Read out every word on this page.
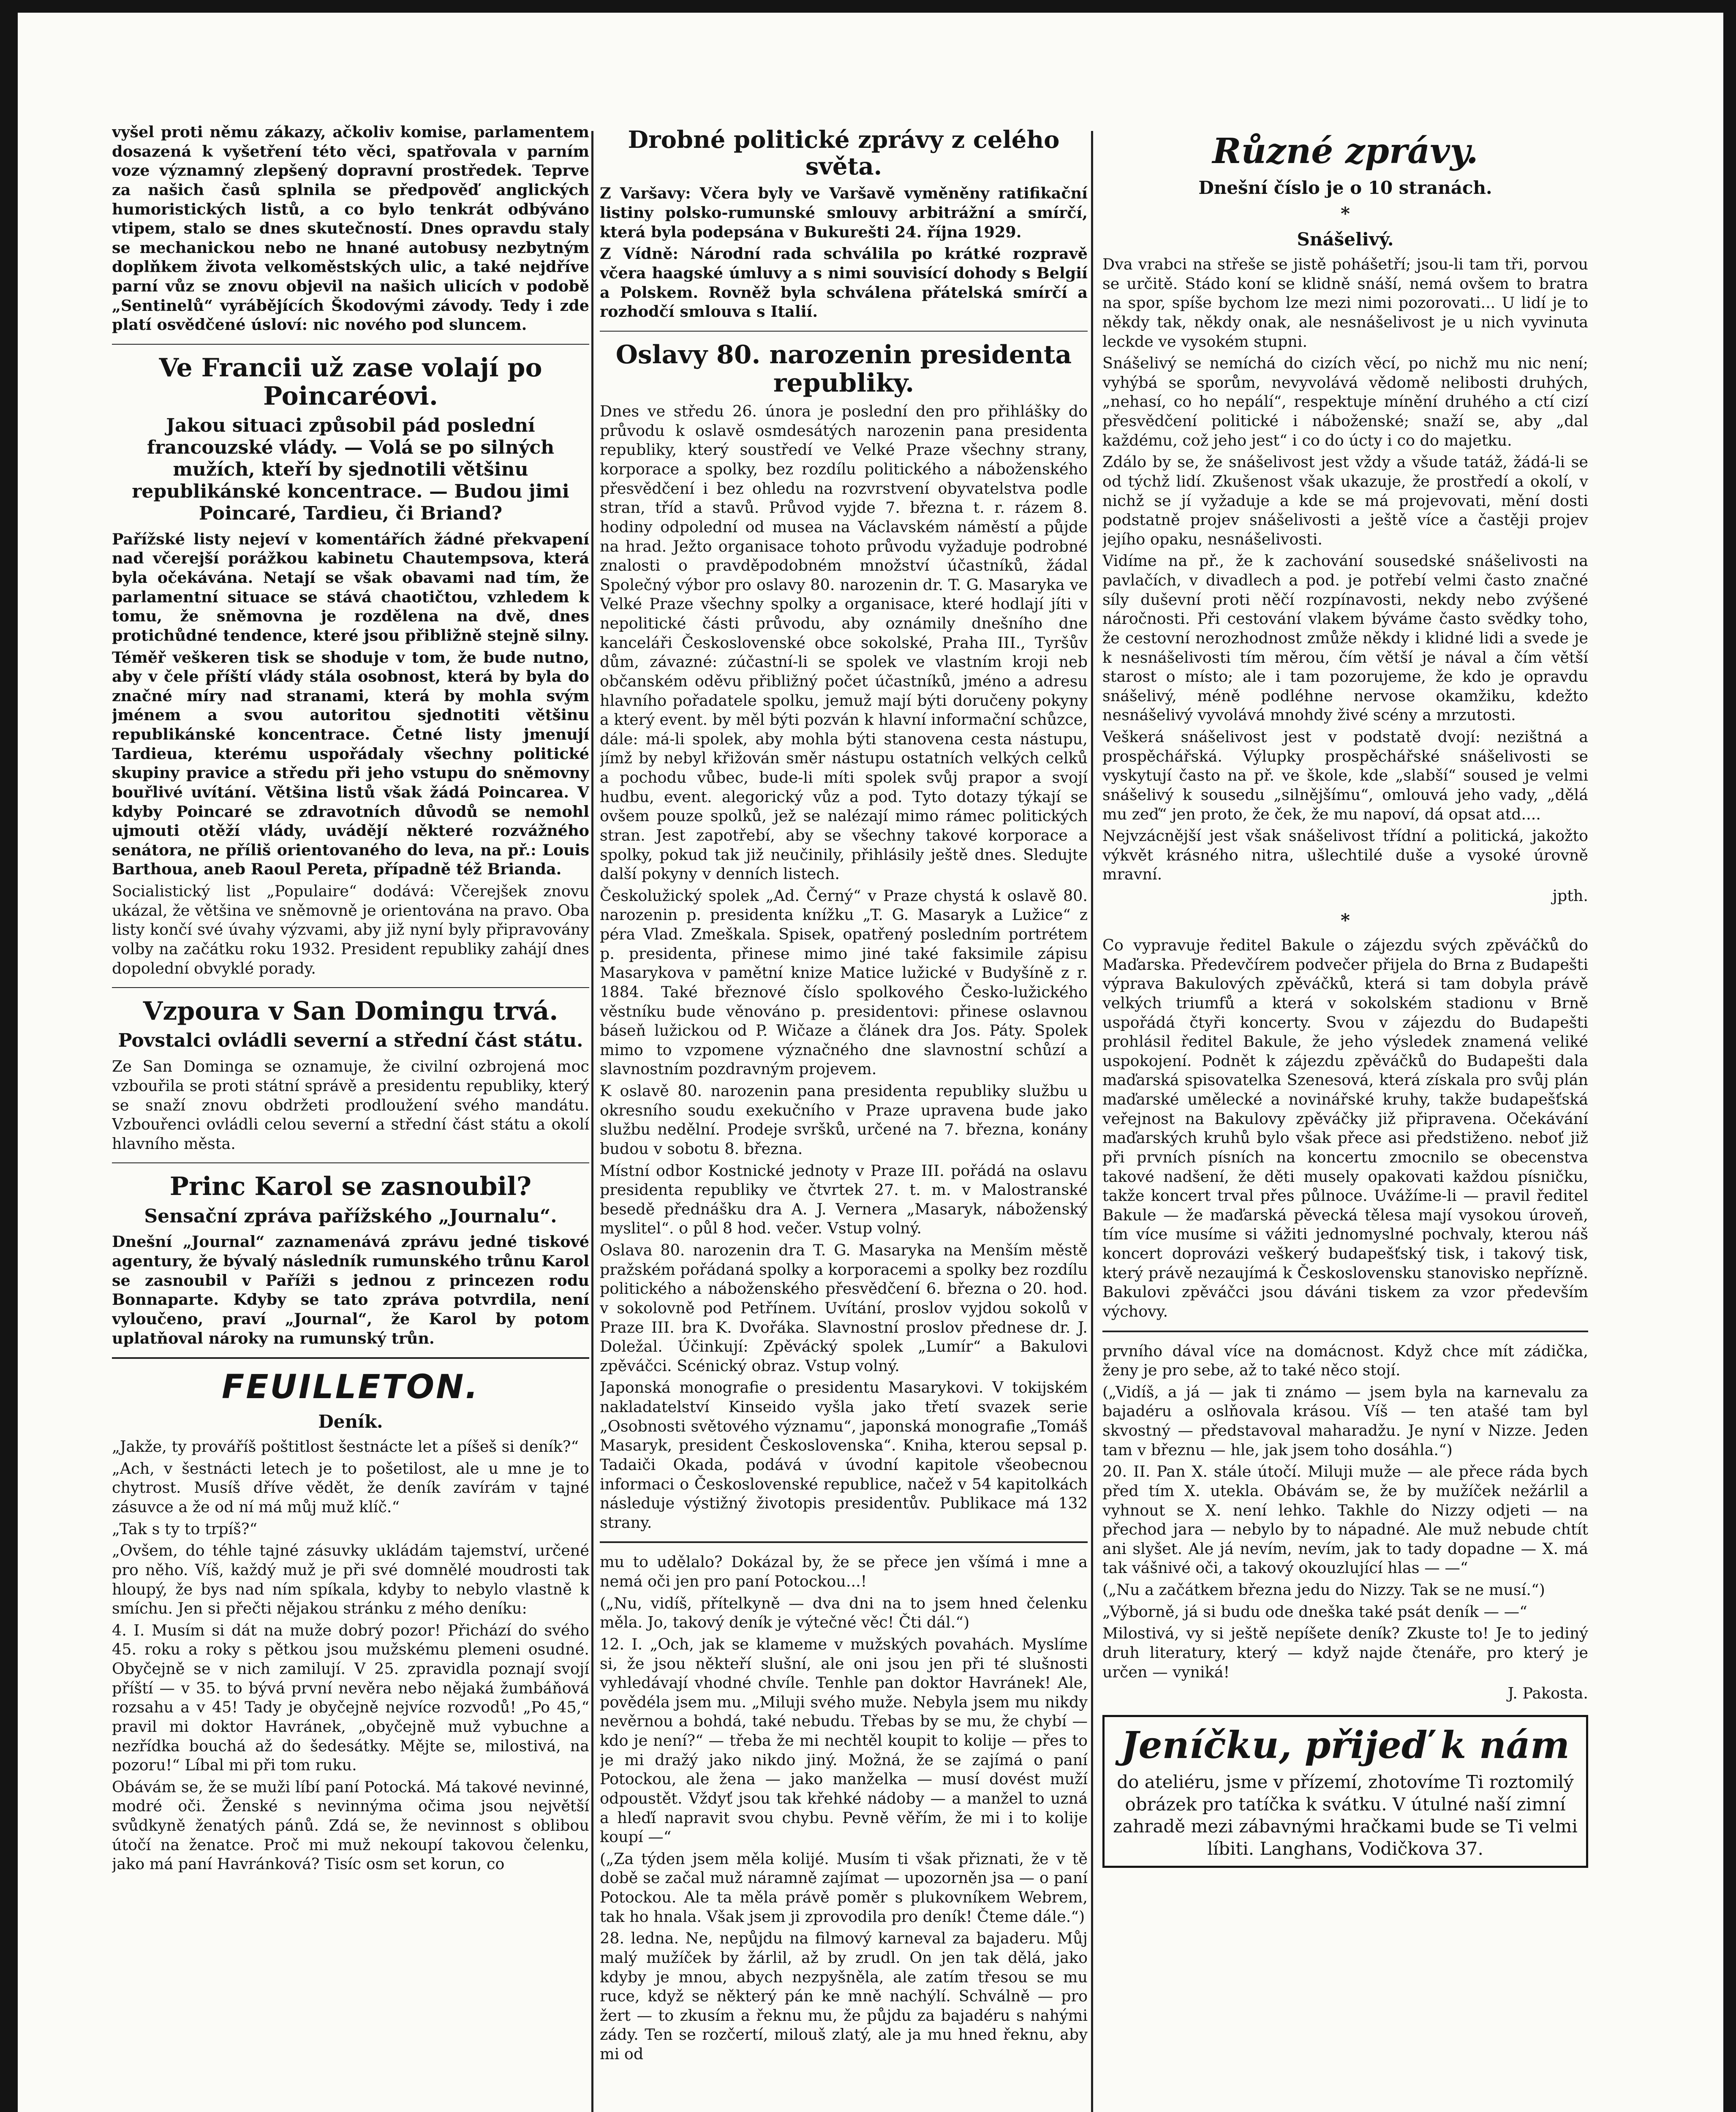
vyšel proti němu zákazy, ačkoliv komise, parlamentem dosazená k vyšetření této věci, spatřovala v parním voze významný zlepšený dopravní prostředek. Teprve za našich časů splnila se předpověď anglických humoristických listů, a co bylo tenkrát odbýváno vtipem, stalo se dnes skutečností. Dnes opravdu staly se mechanickou nebo ne hnané autobusy nezbytným doplňkem života velkoměstských ulic, a také nejdříve parní vůz se znovu objevil na našich ulicích v podobě „Sentinelů“ vyrábějících Škodovými závody. Tedy i zde platí osvědčené úsloví: nic nového pod sluncem.

Ve Francii už zase volají po Poincaréovi.
Jakou situaci způsobil pád poslední francouzské vlády. — Volá se po silných mužích, kteří by sjednotili většinu republikánské koncentrace. — Budou jimi Poincaré, Tardieu, či Briand?

Pařížské listy nejeví v komentářích žádné překvapení nad včerejší porážkou kabinetu Chautempsova, která byla očekávána. Netají se však obavami nad tím, že parlamentní situace se stává chaotičtou, vzhledem k tomu, že sněmovna je rozdělena na dvě, dnes protichůdné tendence, které jsou přibližně stejně silny.

Téměř veškeren tisk se shoduje v tom, že bude nutno, aby v čele příští vlády stála osobnost, která by byla do značné míry nad stranami, která by mohla svým jménem a svou autoritou sjednotiti většinu republikánské koncentrace. Četné listy jmenují Tardieua, kterému uspořádaly všechny politické skupiny pravice a středu při jeho vstupu do sněmovny bouřlivé uvítání. Většina listů však žádá Poincarea. V kdyby Poincaré se zdravotních důvodů se nemohl ujmouti otěží vlády, uvádějí některé rozvážného senátora, ne příliš orientovaného do leva, na př.: Louis Barthoua, aneb Raoul Pereta, případně též Brianda.

Socialistický list „Populaire“ dodává: Včerejšek znovu ukázal, že většina ve sněmovně je orientována na pravo. Oba listy končí své úvahy výzvami, aby již nyní byly připravovány volby na začátku roku 1932. President republiky zahájí dnes dopolední obvyklé porady.

Vzpoura v San Domingu trvá.
Povstalci ovládli severní a střední část státu.

Ze San Dominga se oznamuje, že civilní ozbrojená moc vzbouřila se proti státní správě a presidentu republiky, který se snaží znovu obdržeti prodloužení svého mandátu. Vzbouřenci ovládli celou severní a střední část státu a okolí hlavního města.

Princ Karol se zasnoubil?
Sensační zpráva pařížského „Journalu“.

Dnešní „Journal“ zaznamenává zprávu jedné tiskové agentury, že bývalý následník rumunského trůnu Karol se zasnoubil v Paříži s jednou z princezen rodu Bonnaparte. Kdyby se tato zpráva potvrdila, není vyloučeno, praví „Journal“, že Karol by potom uplatňoval nároky na rumunský trůn.

FEUILLETON.
Deník.

„Jakže, ty prováříš poštitlost šestnácte let a píšeš si deník?“

„Ach, v šestnácti letech je to pošetilost, ale u mne je to chytrost. Musíš dříve vědět, že deník zavírám v tajné zásuvce a že od ní má můj muž klíč.“

„Tak s ty to trpíš?“

„Ovšem, do téhle tajné zásuvky ukládám tajemství, určené pro něho. Víš, každý muž je při své domnělé moudrosti tak hloupý, že bys nad ním spíkala, kdyby to nebylo vlastně k smíchu. Jen si přečti nějakou stránku z mého deníku:

4. I. Musím si dát na muže dobrý pozor! Přichází do svého 45. roku a roky s pětkou jsou mužskému plemeni osudné. Obyčejně se v nich zamilují. V 25. zpravidla poznají svojí příští — v 35. to bývá první nevěra nebo nějaká žumbáňová rozsahu a v 45! Tady je obyčejně nejvíce rozvodů! „Po 45,“ pravil mi doktor Havránek, „obyčejně muž vybuchne a nezřídka bouchá až do šedesátky. Mějte se, milostivá, na pozoru!“ Líbal mi při tom ruku.

Obávám se, že se muži líbí paní Potocká. Má takové nevinné, modré oči. Ženské s nevinnýma očima jsou největší svůdkyně ženatých pánů. Zdá se, že nevinnost s oblibou útočí na ženatce. Proč mi muž nekoupí takovou čelenku, jako má paní Havránková? Tisíc osm set korun, co

Drobné politické zprávy z celého světa.

Z Varšavy: Včera byly ve Varšavě vyměněny ratifikační listiny polsko-rumunské smlouvy arbitrážní a smírčí, která byla podepsána v Bukurešti 24. října 1929.

Z Vídně: Národní rada schválila po krátké rozpravě včera haagské úmluvy a s nimi souvisící dohody s Belgií a Polskem. Rovněž byla schválena přátelská smírčí a rozhodčí smlouva s Italií.

Oslavy 80. narozenin presidenta republiky.

Dnes ve středu 26. února je poslední den pro přihlášky do průvodu k oslavě osmdesátých narozenin pana presidenta republiky, který soustředí ve Velké Praze všechny strany, korporace a spolky, bez rozdílu politického a náboženského přesvědčení i bez ohledu na rozvrstvení obyvatelstva podle stran, tříd a stavů. Průvod vyjde 7. března t. r. rázem 8. hodiny odpolední od musea na Václavském náměstí a půjde na hrad. Ježto organisace tohoto průvodu vyžaduje podrobné znalosti o pravděpodobném množství účastníků, žádal Společný výbor pro oslavy 80. narozenin dr. T. G. Masaryka ve Velké Praze všechny spolky a organisace, které hodlají jíti v nepolitické části průvodu, aby oznámily dnešního dne kanceláři Československé obce sokolské, Praha III., Tyršův dům, závazné: zúčastní-li se spolek ve vlastním kroji neb občanském oděvu přibližný počet účastníků, jméno a adresu hlavního pořadatele spolku, jemuž mají býti doručeny pokyny a který event. by měl býti pozván k hlavní informační schůzce, dále: má-li spolek, aby mohla býti stanovena cesta nástupu, jímž by nebyl křižován směr nástupu ostatních velkých celků a pochodu vůbec, bude-li míti spolek svůj prapor a svojí hudbu, event. alegorický vůz a pod. Tyto dotazy týkají se ovšem pouze spolků, jež se nalézají mimo rámec politických stran. Jest zapotřebí, aby se všechny takové korporace a spolky, pokud tak již neučinily, přihlásily ještě dnes. Sledujte další pokyny v denních listech.

Českolužický spolek „Ad. Černý“ v Praze chystá k oslavě 80. narozenin p. presidenta knížku „T. G. Masaryk a Lužice“ z péra Vlad. Zmeškala. Spisek, opatřený posledním portrétem p. presidenta, přinese mimo jiné také faksimile zápisu Masarykova v pamětní knize Matice lužické v Budyšíně z r. 1884. Také březnové číslo spolkového Česko-lužického věstníku bude věnováno p. presidentovi: přinese oslavnou báseň lužickou od P. Wičaze a článek dra Jos. Páty. Spolek mimo to vzpomene význačného dne slavnostní schůzí a slavnostním pozdravným projevem.

K oslavě 80. narozenin pana presidenta republiky službu u okresního soudu exekučního v Praze upravena bude jako službu nedělní. Prodeje svršků, určené na 7. března, konány budou v sobotu 8. března.

Místní odbor Kostnické jednoty v Praze III. pořádá na oslavu presidenta republiky ve čtvrtek 27. t. m. v Malostranské besedě přednášku dra A. J. Vernera „Masaryk, náboženský myslitel“. o půl 8 hod. večer. Vstup volný.

Oslava 80. narozenin dra T. G. Masaryka na Menším městě pražském pořádaná spolky a korporacemi a spolky bez rozdílu politického a náboženského přesvědčení 6. března o 20. hod. v sokolovně pod Petřínem. Uvítání, proslov vyjdou sokolů v Praze III. bra K. Dvořáka. Slavnostní proslov přednese dr. J. Doležal. Účinkují: Zpěvácký spolek „Lumír“ a Bakulovi zpěváčci. Scénický obraz. Vstup volný.

Japonská monografie o presidentu Masarykovi. V tokijském nakladatelství Kinseido vyšla jako třetí svazek serie „Osobnosti světového významu“, japonská monografie „Tomáš Masaryk, president Československa“. Kniha, kterou sepsal p. Tadaiči Okada, podává v úvodní kapitole všeobecnou informaci o Československé republice, načež v 54 kapitolkách následuje výstižný životopis presidentův. Publikace má 132 strany.

mu to udělalo? Dokázal by, že se přece jen všímá i mne a nemá oči jen pro paní Potockou...!

(„Nu, vidíš, přítelkyně — dva dni na to jsem hned čelenku měla. Jo, takový deník je výtečné věc! Čti dál.“)

12. I. „Och, jak se klameme v mužských povahách. Myslíme si, že jsou někteří slušní, ale oni jsou jen při té slušnosti vyhledávají vhodné chvíle. Tenhle pan doktor Havránek! Ale, povědéla jsem mu. „Miluji svého muže. Nebyla jsem mu nikdy nevěrnou a bohdá, také nebudu. Třebas by se mu, že chybí — kdo je není?“ — třeba že mi nechtěl koupit to kolije — přes to je mi dražý jako nikdo jiný. Možná, že se zajímá o paní Potockou, ale žena — jako manželka — musí dovést muží odpoustět. Vždyť jsou tak křehké nádoby — a manžel to uzná a hleďí napravit svou chybu. Pevně věřím, že mi i to kolije koupí —“

(„Za týden jsem měla kolijé. Musím ti však přiznati, že v tě době se začal muž náramně zajímat — upozorněn jsa — o paní Potockou. Ale ta měla právě poměr s plukovníkem Webrem, tak ho hnala. Však jsem ji zprovodila pro deník! Čteme dále.“)

28. ledna. Ne, nepůjdu na filmový karneval za bajaderu. Můj malý mužíček by žárlil, až by zrudl. On jen tak dělá, jako kdyby je mnou, abych nezpyšněla, ale zatím třesou se mu ruce, když se některý pán ke mně nachýlí. Schválně — pro žert — to zkusím a řeknu mu, že půjdu za bajadéru s nahými zády. Ten se rozčertí, milouš zlatý, ale ja mu hned řeknu, aby mi od

Různé zprávy.
Dnešní číslo je o 10 stranách.
*
Snášelivý.

Dva vrabci na střeše se jistě pohášetří; jsou-li tam tři, porvou se určitě. Stádo koní se klidně snáší, nemá ovšem to bratra na spor, spíše bychom lze mezi nimi pozorovati... U lidí je to někdy tak, někdy onak, ale nesnášelivost je u nich vyvinuta leckde ve vysokém stupni.

Snášelivý se nemíchá do cizích věcí, po nichž mu nic není; vyhýbá se sporům, nevyvolává vědomě nelibosti druhých, „nehasí, co ho nepálí“, respektuje mínění druhého a ctí cizí přesvědčení politické i náboženské; snaží se, aby „dal každému, což jeho jest“ i co do úcty i co do majetku.

Zdálo by se, že snášelivost jest vždy a všude tatáž, žádá-li se od týchž lidí. Zkušenost však ukazuje, že prostředí a okolí, v nichž se jí vyžaduje a kde se má projevovati, mění dosti podstatně projev snášelivosti a ještě více a častěji projev jejího opaku, nesnášelivosti.

Vidíme na př., že k zachování sousedské snášelivosti na pavlačích, v divadlech a pod. je potřebí velmi často značné síly duševní proti něčí rozpínavosti, nekdy nebo zvýšené náročnosti. Při cestování vlakem býváme často svědky toho, že cestovní nerozhodnost zmůže někdy i klidné lidi a svede je k nesnášelivosti tím měrou, čím větší je nával a čím větší starost o místo; ale i tam pozorujeme, že kdo je opravdu snášelivý, méně podléhne nervose okamžiku, kdežto nesnášelivý vyvolává mnohdy živé scény a mrzutosti.

Veškerá snášelivost jest v podstatě dvojí: nezištná a prospěchářská. Výlupky prospěchářské snášelivosti se vyskytují často na př. ve škole, kde „slabší“ soused je velmi snášelivý k sousedu „silnějšímu“, omlouvá jeho vady, „dělá mu zeď“ jen proto, že ček, že mu napoví, dá opsat atd....

Nejvzácnější jest však snášelivost třídní a politická, jakožto výkvět krásného nitra, ušlechtilé duše a vysoké úrovně mravní.

jpth.
*

Co vypravuje ředitel Bakule o zájezdu svých zpěváčků do Maďarska. Předevčírem podvečer přijela do Brna z Budapešti výprava Bakulových zpěváčků, která si tam dobyla právě velkých triumfů a která v sokolském stadionu v Brně uspořádá čtyři koncerty. Svou v zájezdu do Budapešti prohlásil ředitel Bakule, že jeho výsledek znamená veliké uspokojení. Podnět k zájezdu zpěváčků do Budapešti dala maďarská spisovatelka Szenesová, která získala pro svůj plán maďarské umělecké a novinářské kruhy, takže budapešťská veřejnost na Bakulovy zpěváčky již připravena. Očekávání maďarských kruhů bylo však přece asi předstiženo. neboť již při prvních písních na koncertu zmocnilo se obecenstva takové nadšení, že děti musely opakovati každou písničku, takže koncert trval přes půlnoce. Uvážíme-li — pravil ředitel Bakule — že maďarská pěvecká tělesa mají vysokou úroveň, tím více musíme si vážiti jednomyslné pochvaly, kterou náš koncert doprovázi veškerý budapešťský tisk, i takový tisk, který právě nezaujímá k Československu stanovisko nepřízně. Bakulovi zpěváčci jsou dáváni tiskem za vzor především výchovy.

prvního dával více na domácnost. Když chce mít zádička, ženy je pro sebe, až to také něco stojí.

(„Vidíš, a já — jak ti známo — jsem byla na karnevalu za bajadéru a oslňovala krásou. Víš — ten atašé tam byl skvostný — představoval maharadžu. Je nyní v Nizze. Jeden tam v březnu — hle, jak jsem toho dosáhla.“)

20. II. Pan X. stále útočí. Miluji muže — ale přece ráda bych před tím X. utekla. Obávám se, že by mužíček nežárlil a vyhnout se X. není lehko. Takhle do Nizzy odjeti — na přechod jara — nebylo by to nápadné. Ale muž nebude chtít ani slyšet. Ale já nevím, nevím, jak to tady dopadne — X. má tak vášnivé oči, a takový okouzlující hlas — —“

(„Nu a začátkem března jedu do Nizzy. Tak se ne musí.“)

„Výborně, já si budu ode dneška také psát deník — —“

Milostivá, vy si ještě nepíšete deník? Zkuste to! Je to jediný druh literatury, který — když najde čtenáře, pro který je určen — vyniká!

J. Pakosta.
Jeníčku, přijeď k nám

do ateliéru, jsme v přízemí, zhotovíme Ti roztomilý obrázek pro tatíčka k svátku. V útulné naší zimní zahradě mezi zábavnými hračkami bude se Ti velmi líbiti. Langhans, Vodičkova 37.
